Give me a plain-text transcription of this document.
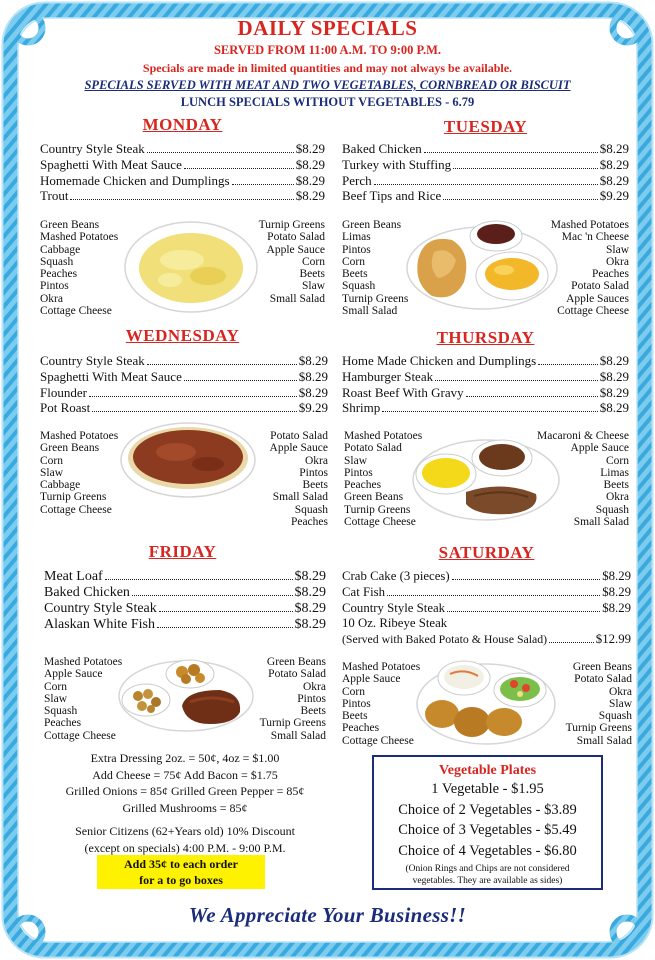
DAILY SPECIALS
SERVED FROM 11:00 A.M. TO 9:00 P.M.
Specials are made in limited quantities and may not always be available.
SPECIALS SERVED WITH MEAT AND TWO VEGETABLES, CORNBREAD OR BISCUIT
LUNCH SPECIALS WITHOUT VEGETABLES - 6.79
MONDAY
Country Style Steak	$8.29
Spaghetti With Meat Sauce	$8.29
Homemade Chicken and Dumplings	$8.29
Trout	$8.29
Green Beans
Mashed Potatoes
Cabbage
Squash
Peaches
Pintos
Okra
Cottage Cheese
Turnip Greens
Potato Salad
Apple Sauce
Corn
Beets
Slaw
Small Salad
TUESDAY
Baked Chicken	$8.29
Turkey with Stuffing	$8.29
Perch	$8.29
Beef Tips and Rice	$9.29
Green Beans
Limas
Pintos
Corn
Beets
Squash
Turnip Greens
Small Salad
Mashed Potatoes
Mac 'n Cheese
Slaw
Okra
Peaches
Potato Salad
Apple Sauces
Cottage Cheese
WEDNESDAY
Country Style Steak	$8.29
Spaghetti With Meat Sauce	$8.29
Flounder	$8.29
Pot Roast	$9.29
Mashed Potatoes
Green Beans
Corn
Slaw
Cabbage
Turnip Greens
Cottage Cheese
Potato Salad
Apple Sauce
Okra
Pintos
Beets
Small Salad
Squash
Peaches
THURSDAY
Home Made Chicken and Dumplings	$8.29
Hamburger Steak	$8.29
Roast Beef With Gravy	$8.29
Shrimp	$8.29
Mashed Potatoes
Potato Salad
Slaw
Pintos
Peaches
Green Beans
Turnip Greens
Cottage Cheese
Macaroni & Cheese
Apple Sauce
Corn
Limas
Beets
Okra
Squash
Small Salad
FRIDAY
Meat Loaf	$8.29
Baked Chicken	$8.29
Country Style Steak	$8.29
Alaskan White Fish	$8.29
Mashed Potatoes
Apple Sauce
Corn
Slaw
Squash
Peaches
Cottage Cheese
Green Beans
Potato Salad
Okra
Pintos
Beets
Turnip Greens
Small Salad
SATURDAY
Crab Cake (3 pieces)	$8.29
Cat Fish	$8.29
Country Style Steak	$8.29
10 Oz. Ribeye Steak
(Served with Baked Potato & House Salad)	$12.99
Mashed Potatoes
Apple Sauce
Corn
Pintos
Beets
Peaches
Cottage Cheese
Green Beans
Potato Salad
Okra
Slaw
Squash
Turnip Greens
Small Salad
Extra Dressing 2oz. = 50¢, 4oz = $1.00
Add Cheese = 75¢ Add Bacon = $1.75
Grilled Onions = 85¢ Grilled Green Pepper = 85¢
Grilled Mushrooms = 85¢
Senior Citizens (62+Years old) 10% Discount
(except on specials) 4:00 P.M. - 9:00 P.M.
Add 35¢ to each order
for a to go boxes
Vegetable Plates
1 Vegetable - $1.95
Choice of 2 Vegetables - $3.89
Choice of 3 Vegetables - $5.49
Choice of 4 Vegetables - $6.80
(Onion Rings and Chips are not considered
vegetables. They are available as sides)
We Appreciate Your Business!!
